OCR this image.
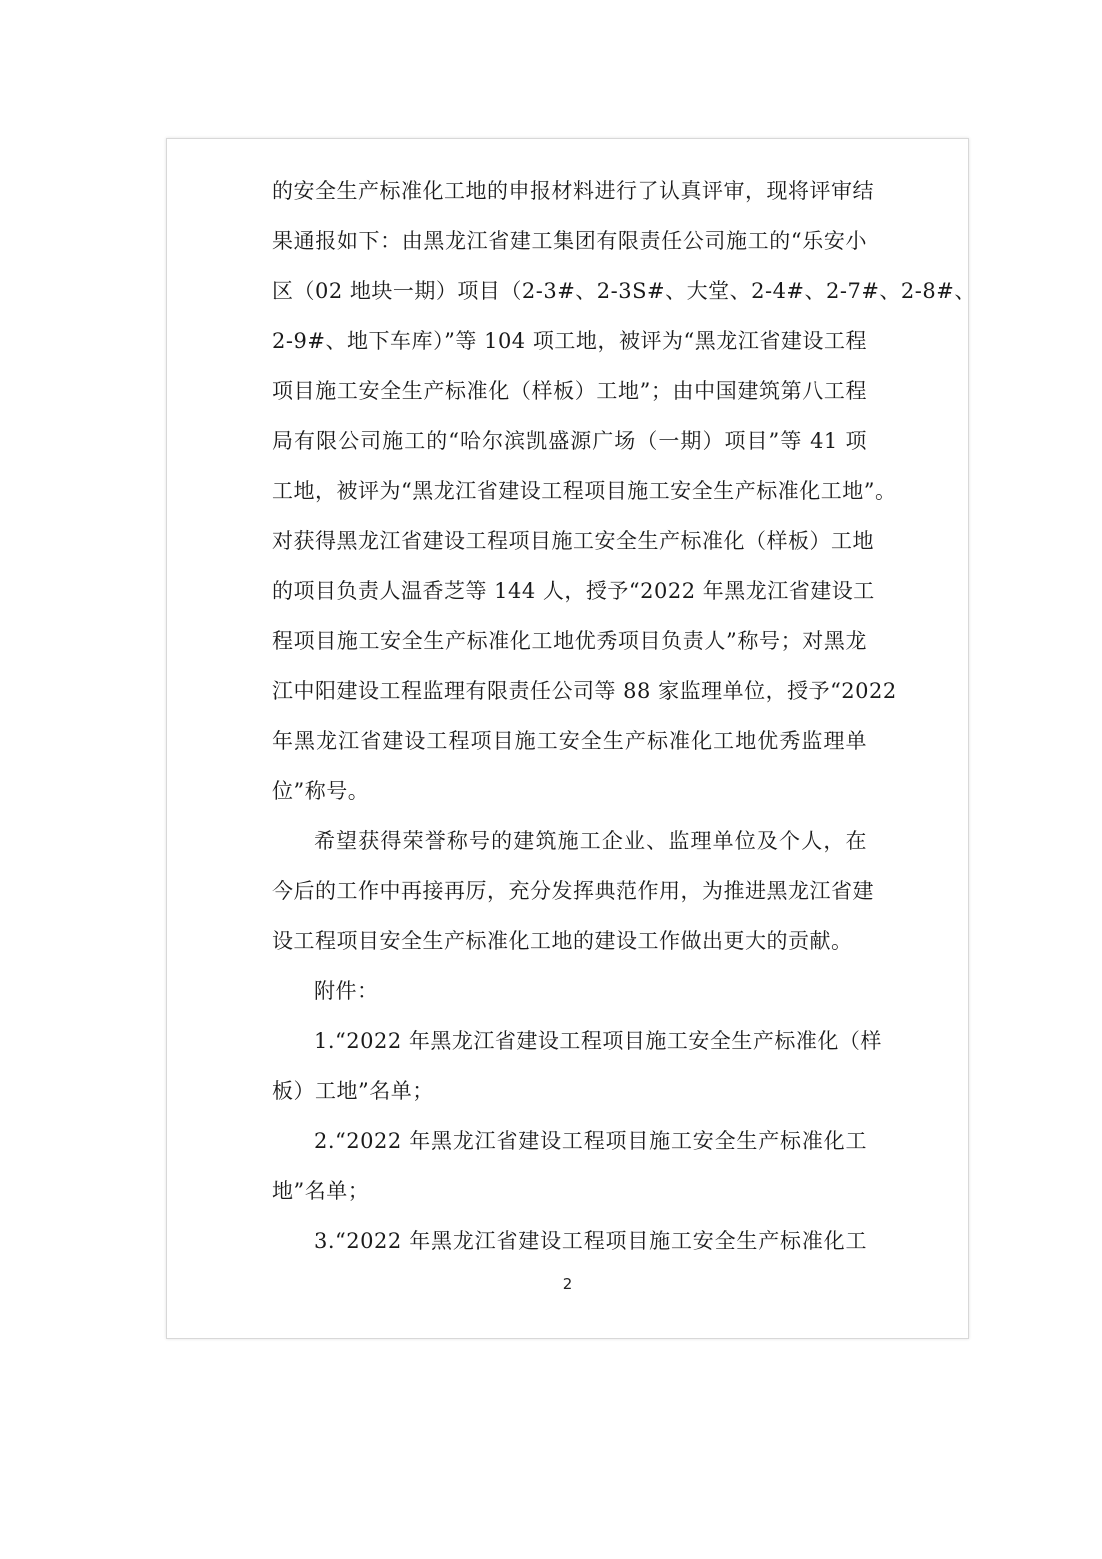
的安全生产标准化工地的申报材料进行了认真评审，现将评审结
果通报如下：由黑龙江省建工集团有限责任公司施工的“乐安小
区（02 地块一期）项目（2-3#、2-3S#、大堂、2-4#、2-7#、2-8#、
2-9#、地下车库）”等 104 项工地，被评为“黑龙江省建设工程
项目施工安全生产标准化（样板）工地”；由中国建筑第八工程
局有限公司施工的“哈尔滨凯盛源广场（一期）项目”等 41 项
工地，被评为“黑龙江省建设工程项目施工安全生产标准化工地”。
对获得黑龙江省建设工程项目施工安全生产标准化（样板）工地
的项目负责人温香芝等 144 人，授予“2022 年黑龙江省建设工
程项目施工安全生产标准化工地优秀项目负责人”称号；对黑龙
江中阳建设工程监理有限责任公司等 88 家监理单位，授予“2022
年黑龙江省建设工程项目施工安全生产标准化工地优秀监理单
位”称号。
希望获得荣誉称号的建筑施工企业、监理单位及个人，在
今后的工作中再接再厉，充分发挥典范作用，为推进黑龙江省建
设工程项目安全生产标准化工地的建设工作做出更大的贡献。
附件：
1.“2022 年黑龙江省建设工程项目施工安全生产标准化（样
板）工地”名单；
2.“2022 年黑龙江省建设工程项目施工安全生产标准化工
地”名单；
3.“2022 年黑龙江省建设工程项目施工安全生产标准化工
2
